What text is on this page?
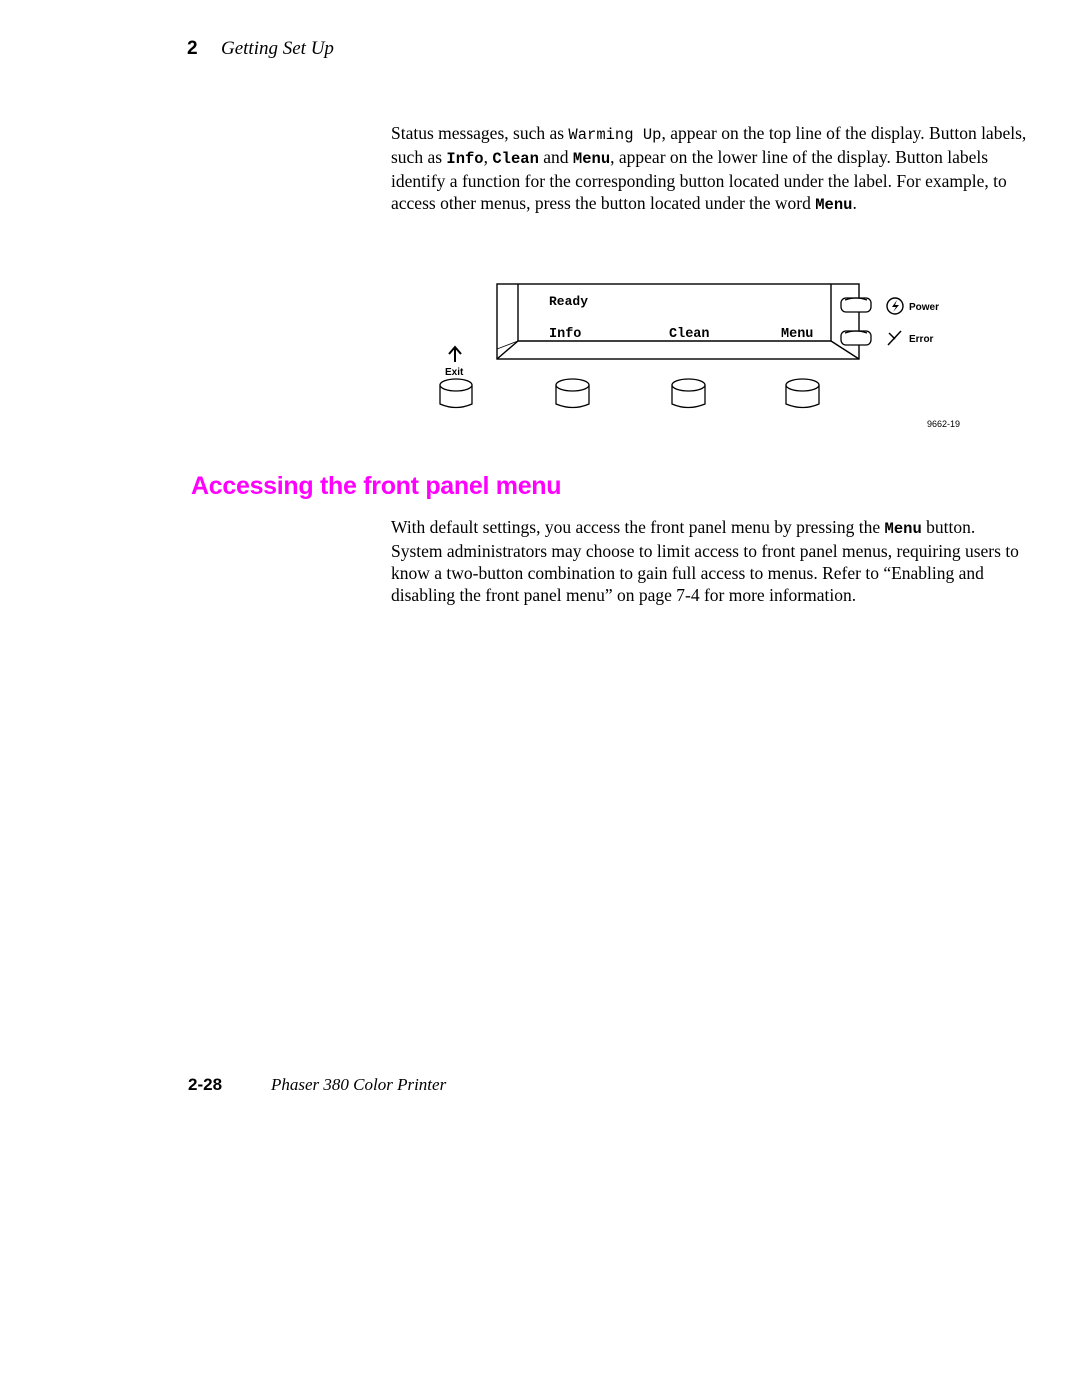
2 Getting Set Up
Status messages, such as Warming Up, appear on the top line of the display. Button labels, such as Info, Clean and Menu, appear on the lower line of the display. Button labels identify a function for the corresponding button located under the label. For example, to access other menus, press the button located under the word Menu.
Ready
Info	Clean	Menu
Power
Error
Exit
9662-19
Accessing the front panel menu
With default settings, you access the front panel menu by pressing the Menu button. System administrators may choose to limit access to front panel menus, requiring users to know a two-button combination to gain full access to menus. Refer to “Enabling and disabling the front panel menu” on page 7-4 for more information.
2-28	Phaser 380 Color Printer
